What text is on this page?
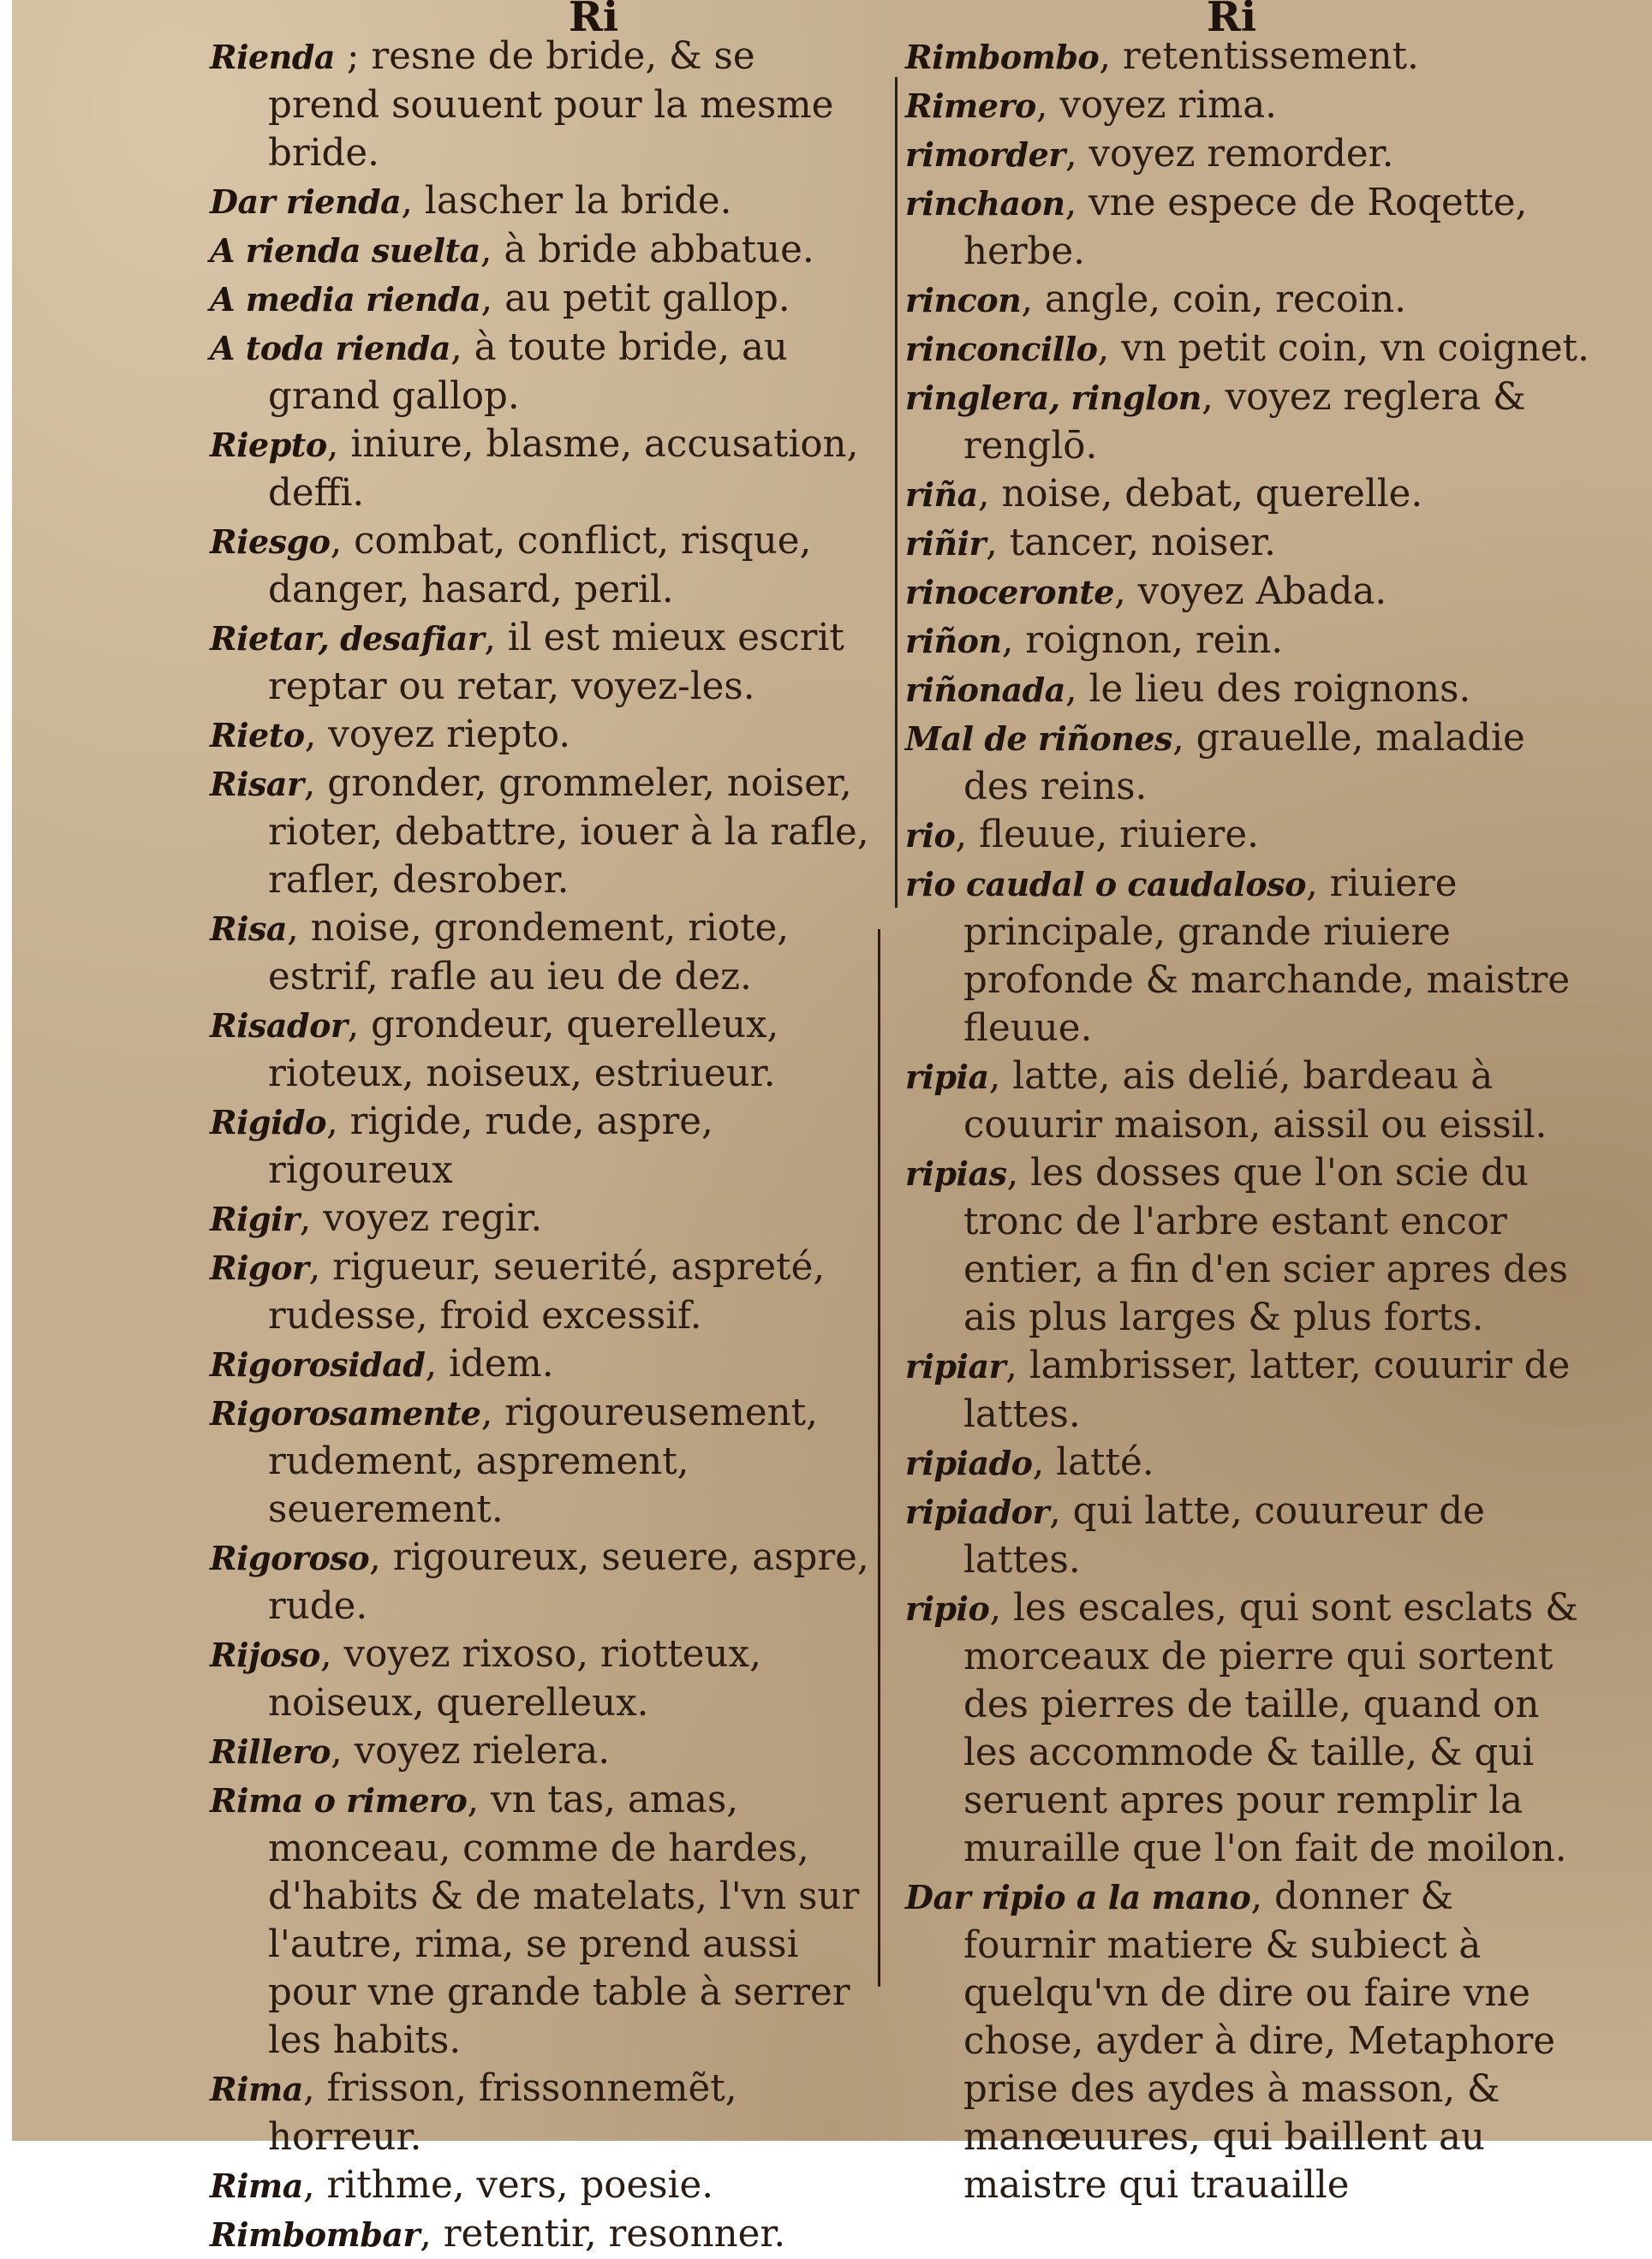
Ri	Ri

Rienda ; resne de bride, & se prend souuent pour la mesme bride.

Dar rienda, lascher la bride.

A rienda suelta, à bride abbatue.

A media rienda, au petit gallop.

A toda rienda, à toute bride, au grand gallop.

Riepto, iniure, blasme, accusation, deffi.

Riesgo, combat, conflict, risque, danger, hasard, peril.

Rietar, desafiar, il est mieux escrit reptar ou retar, voyez-les.

Rieto, voyez riepto.

Risar, gronder, grommeler, noiser, rioter, debattre, iouer à la rafle, rafler, desrober.

Risa, noise, grondement, riote, estrif, rafle au ieu de dez.

Risador, grondeur, querelleux, rioteux, noiseux, estriueur.

Rigido, rigide, rude, aspre, rigoureux

Rigir, voyez regir.

Rigor, rigueur, seuerité, aspreté, rudesse, froid excessif.

Rigorosidad, idem.

Rigorosamente, rigoureusement, rudement, asprement, seuerement.

Rigoroso, rigoureux, seuere, aspre, rude.

Rijoso, voyez rixoso, riotteux, noiseux, querelleux.

Rillero, voyez rielera.

Rima o rimero, vn tas, amas, monceau, comme de hardes, d'habits & de matelats, l'vn sur l'autre, rima, se prend aussi pour vne grande table à serrer les habits.

Rima, frisson, frissonnemẽt, horreur.

Rima, rithme, vers, poesie.

Rimbombar, retentir, resonner.

Rimbombo, retentissement.

Rimero, voyez rima.

rimorder, voyez remorder.

rinchaon, vne espece de Roqette, herbe.

rincon, angle, coin, recoin.

rinconcillo, vn petit coin, vn coignet.

ringlera, ringlon, voyez reglera & renglō.

riña, noise, debat, querelle.

riñir, tancer, noiser.

rinoceronte, voyez Abada.

riñon, roignon, rein.

riñonada, le lieu des roignons.

Mal de riñones, grauelle, maladie des reins.

rio, fleuue, riuiere.

rio caudal o caudaloso, riuiere principale, grande riuiere profonde & marchande, maistre fleuue.

ripia, latte, ais delié, bardeau à couurir maison, aissil ou eissil.

ripias, les dosses que l'on scie du tronc de l'arbre estant encor entier, a fin d'en scier apres des ais plus larges & plus forts.

ripiar, lambrisser, latter, couurir de lattes.

ripiado, latté.

ripiador, qui latte, couureur de lattes.

ripio, les escales, qui sont esclats & morceaux de pierre qui sortent des pierres de taille, quand on les accommode & taille, & qui seruent apres pour remplir la muraille que l'on fait de moilon.

Dar ripio a la mano, donner & fournir matiere & subiect à quelqu'vn de dire ou faire vne chose, ayder à dire, Metaphore prise des aydes à masson, & manœuures, qui baillent au maistre qui trauaille
